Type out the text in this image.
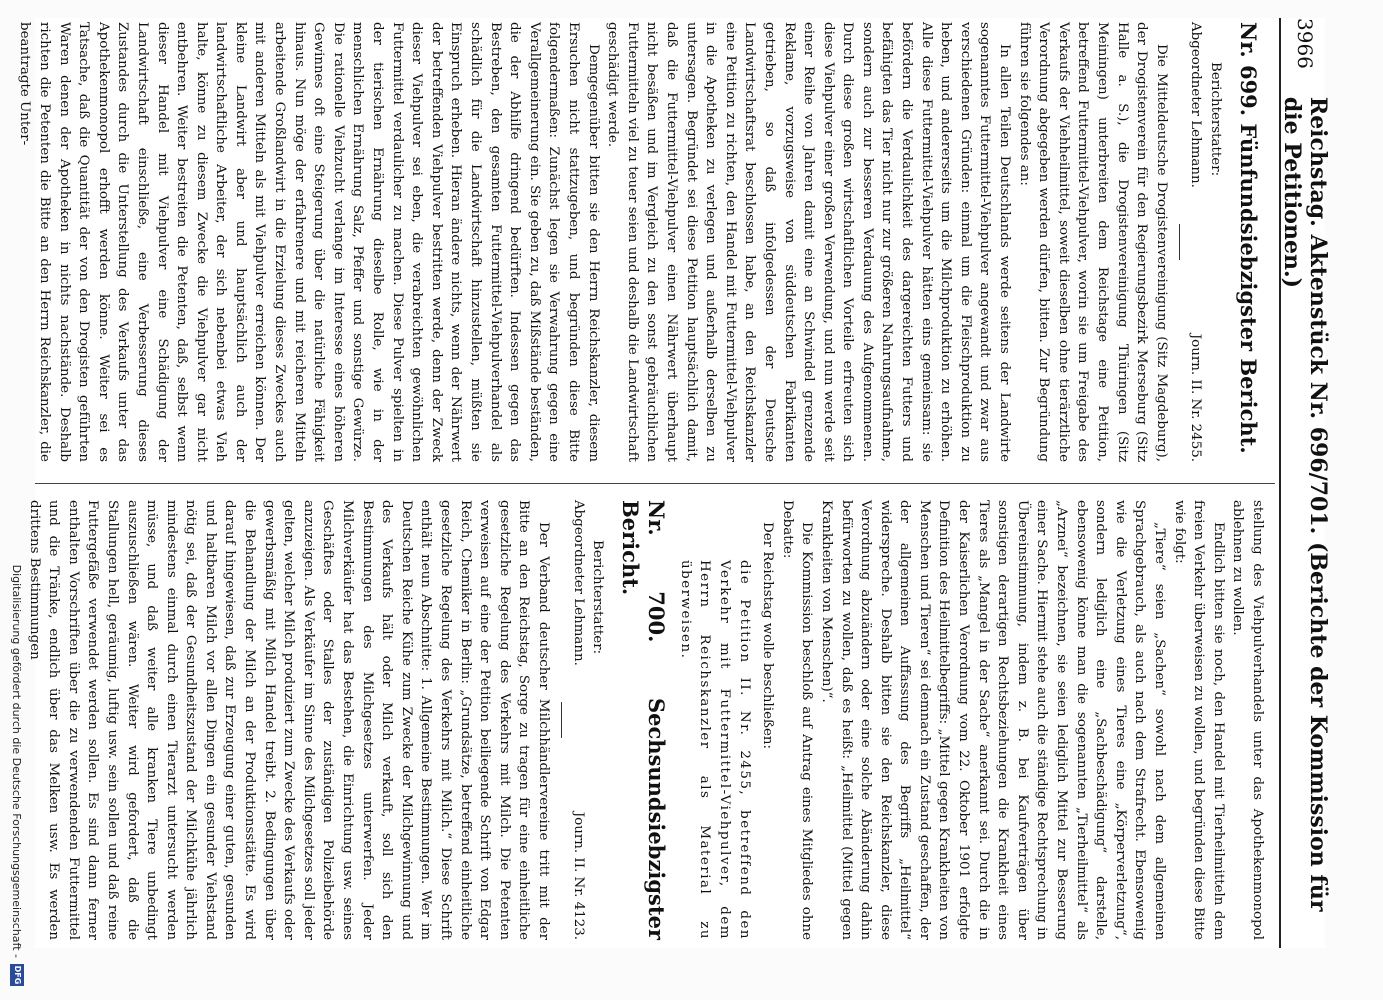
3966
Reichstag. Aktenstück Nr. 696/701. (Berichte der Kommission für die Petitionen.)
Nr. 699. Fünfundsiebzigster Bericht.
Berichterstatter:
Abgeordneter Lehmann.
Journ. II. Nr. 2455.

Die Mitteldeutsche Drogistenvereinigung (Sitz Magdeburg), der Drogistenverein für den Regierungsbezirk Merseburg (Sitz Halle a. S.), die Drogistenvereinigung Thüringen (Sitz Meiningen) unterbreiten dem Reichstage eine Petition, betreffend Futtermittel-Viehpulver, worin sie um Freigabe des Verkaufs der Viehheilmittel, soweit dieselben ohne tierärztliche Verordnung abgegeben werden dürfen, bitten. Zur Begründung führen sie folgendes an:

In allen Teilen Deutschlands werde seitens der Landwirte sogenanntes Futtermittel-Viehpulver angewandt und zwar aus verschiedenen Gründen: einmal um die Fleischproduktion zu heben, und andererseits um die Milchproduktion zu erhöhen. Alle diese Futtermittel-Viehpulver hätten eins gemeinsam: sie befördern die Verdaulichkeit des dargereichten Futters und befähigten das Tier nicht nur zur größeren Nahrungsaufnahme, sondern auch zur besseren Verdauung des Aufgenommenen. Durch diese großen wirtschaftlichen Vorteile erfreuten sich diese Viehpulver einer großen Verwendung, und nun werde seit einer Reihe von Jahren damit eine an Schwindel grenzende Reklame, vorzugsweise von süddeutschen Fabrikanten getrieben, so daß infolgedessen der Deutsche Landwirtschaftsrat beschlossen habe, an den Reichskanzler eine Petition zu richten, den Handel mit Futtermittel-Viehpulver in die Apotheken zu verlegen und außerhalb derselben zu untersagen. Begründet sei diese Petition hauptsächlich damit, daß die Futtermittel-Viehpulver einen Nährwert überhaupt nicht besäßen und im Vergleich zu den sonst gebräuchlichen Futtermitteln viel zu teuer seien und deshalb die Landwirtschaft geschädigt werde.

Demgegenüber bitten sie den Herrn Reichskanzler, diesem Ersuchen nicht stattzugeben, und begründen diese Bitte folgendermaßen: Zunächst legen sie Verwahrung gegen eine Verallgemeinerung ein. Sie geben zu, daß Mißstände beständen, die der Abhilfe dringend bedürften. Indessen gegen das Bestreben, den gesamten Futtermittel-Viehpulverhandel als schädlich für die Landwirtschaft hinzustellen, müßten sie Einspruch erheben. Hieran ändere nichts, wenn der Nährwert der betreffenden Viehpulver bestritten werde, denn der Zweck dieser Viehpulver sei eben, die verabreichten gewöhnlichen Futtermittel verdaulicher zu machen. Diese Pulver spielten in der tierischen Ernährung dieselbe Rolle, wie in der menschlichen Ernährung Salz, Pfeffer und sonstige Gewürze. Die rationelle Viehzucht verlange im Interesse eines höheren Gewinnes oft eine Steigerung über die natürliche Fähigkeit hinaus. Nun möge der erfahrenere und mit reicheren Mitteln arbeitende Großlandwirt in die Erzielung dieses Zweckes auch mit anderen Mitteln als mit Viehpulver erreichen können. Der kleine Landwirt aber und hauptsächlich auch der landwirtschaftliche Arbeiter, der sich nebenbei etwas Vieh halte, könne zu diesem Zwecke die Viehpulver gar nicht entbehren. Weiter bestreiten die Petenten, daß, selbst wenn dieser Handel mit Viehpulver eine Schädigung der Landwirtschaft einschließe, eine Verbesserung dieses Zustandes durch die Unterstellung des Verkaufs unter das Apothekenmonopol erhofft werden könne. Weiter sei es Tatsache, daß die Quantität der von den Drogisten geführten Waren denen der Apotheken in nichts nachstände. Deshalb richten die Petenten die Bitte an den Herrn Reichskanzler, die beantragte Unter-

stellung des Viehpulverhandels unter das Apothekenmonopol ablehnen zu wollen.

Endlich bitten sie noch, den Handel mit Tierheilmitteln dem freien Verkehr überweisen zu wollen, und begründen diese Bitte wie folgt:

„Tiere“ seien „Sachen“ sowohl nach dem allgemeinen Sprachgebrauch, als auch nach dem Strafrecht. Ebensowenig wie die Verletzung eines Tieres eine „Körperverletzung“, sondern lediglich eine „Sachbeschädigung“ darstelle, ebensowenig könne man die sogenannten „Tierheilmittel“ als „Arznei“ bezeichnen, sie seien lediglich Mittel zur Besserung einer Sache. Hiermit stehe auch die ständige Rechtsprechung in Übereinstimmung, indem z. B. bei Kaufverträgen über sonstigen derartigen Rechtsbeziehungen die Krankheit eines Tieres als „Mangel in der Sache“ anerkannt sei. Durch die in der Kaiserlichen Verordnung vom 22. Oktober 1901 erfolgte Definition des Heilmittelbegriffs: „Mittel gegen Krankheiten von Menschen und Tieren“ sei demnach ein Zustand geschaffen, der der allgemeinen Auffassung des Begriffs „Heilmittel“ widerspreche. Deshalb bitten sie den Reichskanzler, diese Verordnung abzuändern oder eine solche Abänderung dahin befürworten zu wollen, daß es heißt: „Heilmittel (Mittel gegen Krankheiten von Menschen)“.

Die Kommission beschloß auf Antrag eines Mitgliedes ohne Debatte:

Der Reichstag wolle beschließen:

die Petition II. Nr. 2455, betreffend den Verkehr mit Futtermittel-Viehpulver, dem Herrn Reichskanzler als Material zu überweisen.
Nr. 700. Sechsundsiebzigster Bericht.
Berichterstatter:
Abgeordneter Lehmann.
Journ. II. Nr. 4123.

Der Verband deutscher Milchhändlervereine tritt mit der Bitte an den Reichstag, Sorge zu tragen für eine einheitliche gesetzliche Regelung des Verkehrs mit Milch. Die Petenten verweisen auf eine der Petition beiliegende Schrift von Edgar Reich, Chemiker in Berlin: „Grundsätze, betreffend einheitliche gesetzliche Regelung des Verkehrs mit Milch.“ Diese Schrift enthält neun Abschnitte: 1. Allgemeine Bestimmungen. Wer im Deutschen Reiche Kühe zum Zwecke der Milchgewinnung und des Verkaufs hält oder Milch verkauft, soll sich den Bestimmungen des Milchgesetzes unterwerfen. Jeder Milchverkäufer hat das Bestehen, die Einrichtung usw. seines Geschäftes oder Stalles der zuständigen Polizeibehörde anzuzeigen. Als Verkäufer im Sinne des Milchgesetzes soll jeder gelten, welcher Milch produziert zum Zwecke des Verkaufs oder gewerbsmäßig mit Milch Handel treibt. 2. Bedingungen über die Behandlung der Milch an der Produktionsstätte. Es wird darauf hingewiesen, daß zur Erzeugung einer guten, gesunden und haltbaren Milch vor allen Dingen ein gesunder Viehstand nötig sei, daß der Gesundheitszustand der Milchkühe jährlich mindestens einmal durch einen Tierarzt untersucht werden müsse, und daß weiter alle kranken Tiere unbedingt auszuschließen wären. Weiter wird gefordert, daß die Stallungen hell, geräumig, luftig usw. sein sollen und daß reine Futtergefäße verwendet werden sollen. Es sind dann ferner enthalten Vorschriften über die zu verwendenden Futtermittel und die Tränke, endlich über das Melken usw. Es werden drittens Bestimmungen

Digitalisierung gefördert durch die Deutsche Forschungsgemeinschaft -
DFG
